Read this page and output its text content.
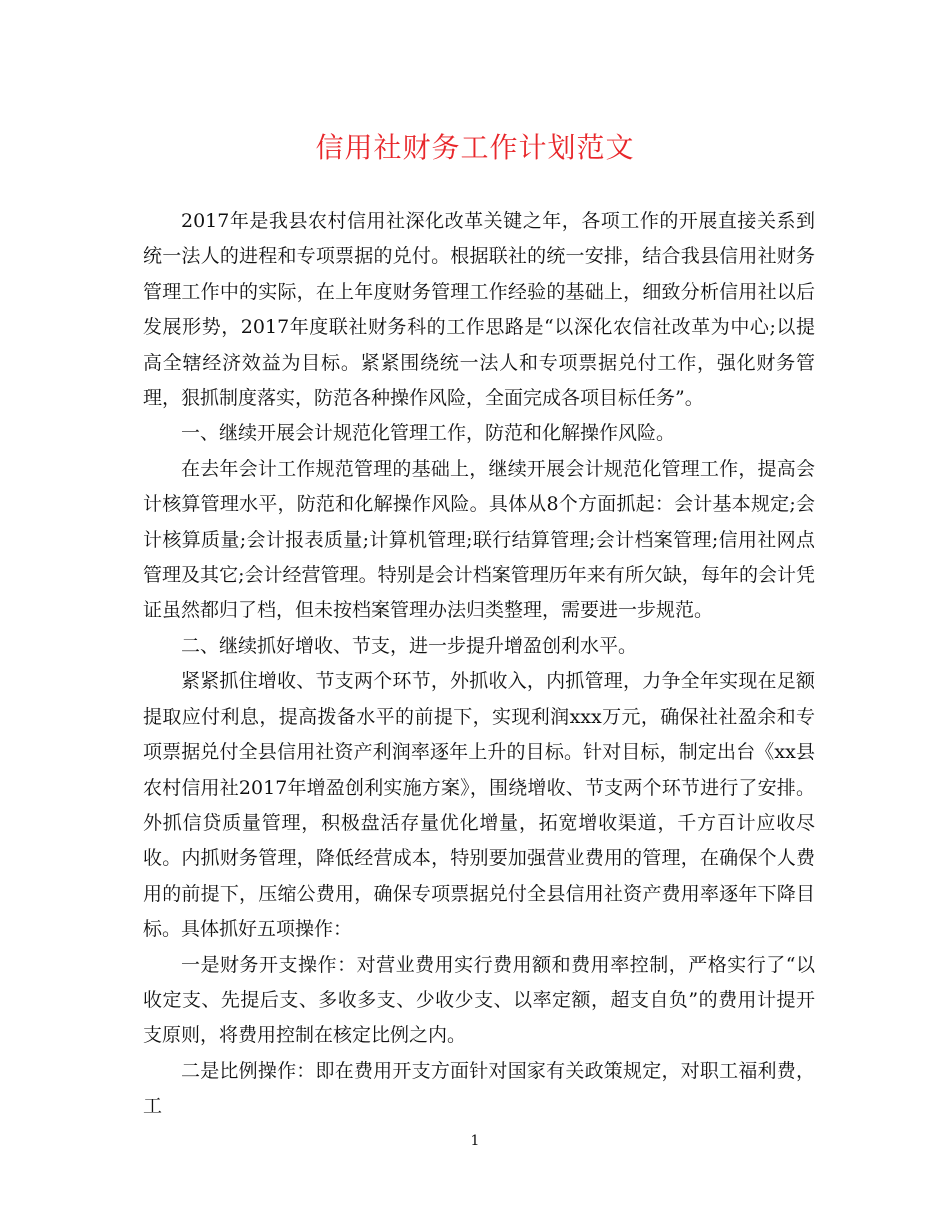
信用社财务工作计划范文

2017年是我县农村信用社深化改革关键之年，各项工作的开展直接关系到统一法人的进程和专项票据的兑付。根据联社的统一安排，结合我县信用社财务管理工作中的实际，在上年度财务管理工作经验的基础上，细致分析信用社以后发展形势，2017年度联社财务科的工作思路是“以深化农信社改革为中心;以提高全辖经济效益为目标。紧紧围绕统一法人和专项票据兑付工作，强化财务管理，狠抓制度落实，防范各种操作风险，全面完成各项目标任务”。

一、继续开展会计规范化管理工作，防范和化解操作风险。

在去年会计工作规范管理的基础上，继续开展会计规范化管理工作，提高会计核算管理水平，防范和化解操作风险。具体从8个方面抓起：会计基本规定;会计核算质量;会计报表质量;计算机管理;联行结算管理;会计档案管理;信用社网点管理及其它;会计经营管理。特别是会计档案管理历年来有所欠缺，每年的会计凭证虽然都归了档，但未按档案管理办法归类整理，需要进一步规范。

二、继续抓好增收、节支，进一步提升增盈创利水平。

紧紧抓住增收、节支两个环节，外抓收入，内抓管理，力争全年实现在足额提取应付利息，提高拨备水平的前提下，实现利润xxx万元，确保社社盈余和专项票据兑付全县信用社资产利润率逐年上升的目标。针对目标，制定出台《xx县农村信用社2017年增盈创利实施方案》，围绕增收、节支两个环节进行了安排。外抓信贷质量管理，积极盘活存量优化增量，拓宽增收渠道，千方百计应收尽收。内抓财务管理，降低经营成本，特别要加强营业费用的管理，在确保个人费用的前提下，压缩公费用，确保专项票据兑付全县信用社资产费用率逐年下降目标。具体抓好五项操作：

一是财务开支操作：对营业费用实行费用额和费用率控制，严格实行了“以收定支、先提后支、多收多支、少收少支、以率定额，超支自负”的费用计提开支原则，将费用控制在核定比例之内。

二是比例操作：即在费用开支方面针对国家有关政策规定，对职工福利费，工

1
